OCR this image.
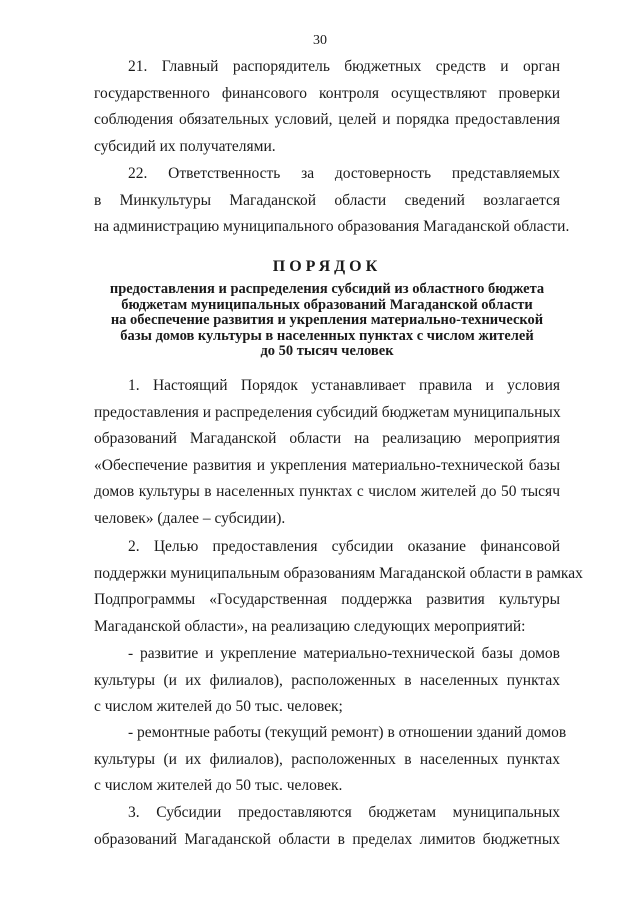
30
21. Главный распорядитель бюджетных средств и орган
государственного финансового контроля осуществляют проверки
соблюдения обязательных условий, целей и порядка предоставления
субсидий их получателями.
22. Ответственность за достоверность представляемых
в Минкультуры Магаданской области сведений возлагается
на администрацию муниципального образования Магаданской области.
ПОРЯДОК
предоставления и распределения субсидий из областного бюджета
бюджетам муниципальных образований Магаданской области
на обеспечение развития и укрепления материально-технической
базы домов культуры в населенных пунктах с числом жителей
до 50 тысяч человек
1. Настоящий Порядок устанавливает правила и условия
предоставления и распределения субсидий бюджетам муниципальных
образований Магаданской области на реализацию мероприятия
«Обеспечение развития и укрепления материально-технической базы
домов культуры в населенных пунктах с числом жителей до 50 тысяч
человек» (далее – субсидии).
2. Целью предоставления субсидии оказание финансовой
поддержки муниципальным образованиям Магаданской области в рамках
Подпрограммы «Государственная поддержка развития культуры
Магаданской области», на реализацию следующих мероприятий:
- развитие и укрепление материально-технической базы домов
культуры (и их филиалов), расположенных в населенных пунктах
с числом жителей до 50 тыс. человек;
- ремонтные работы (текущий ремонт) в отношении зданий домов
культуры (и их филиалов), расположенных в населенных пунктах
с числом жителей до 50 тыс. человек.
3. Субсидии предоставляются бюджетам муниципальных
образований Магаданской области в пределах лимитов бюджетных
